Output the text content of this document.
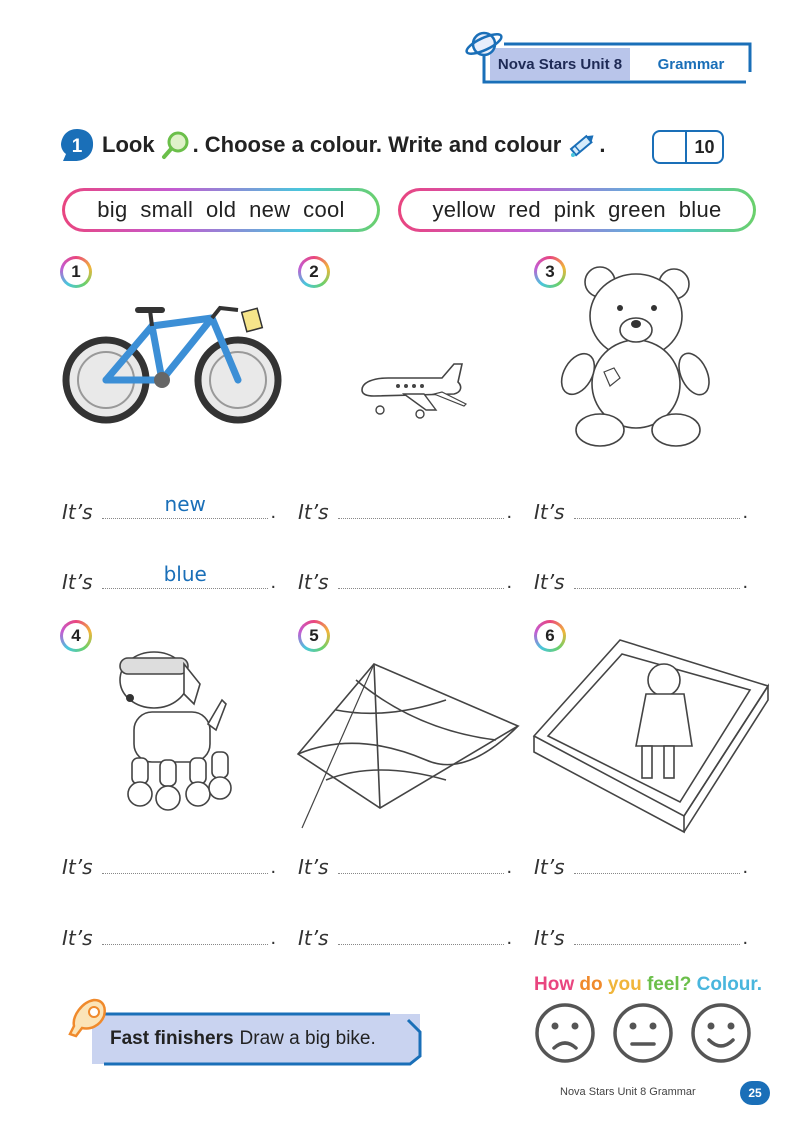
Nova Stars Unit 8	Grammar
1 Look . Choose a colour. Write and colour .	10
big  small  old  new  cool	yellow  red  pink  green  blue
1	2	3
4	5	6
It’s	new	.
It’s	blue	.
It’s	.
It’s	.
It’s	.
It’s	.
It’s	.
It’s	.
It’s	.
It’s	.
It’s	.
It’s	.
Fast finishers Draw a big bike.
How do you feel? Colour.
Nova Stars Unit 8 Grammar	25
